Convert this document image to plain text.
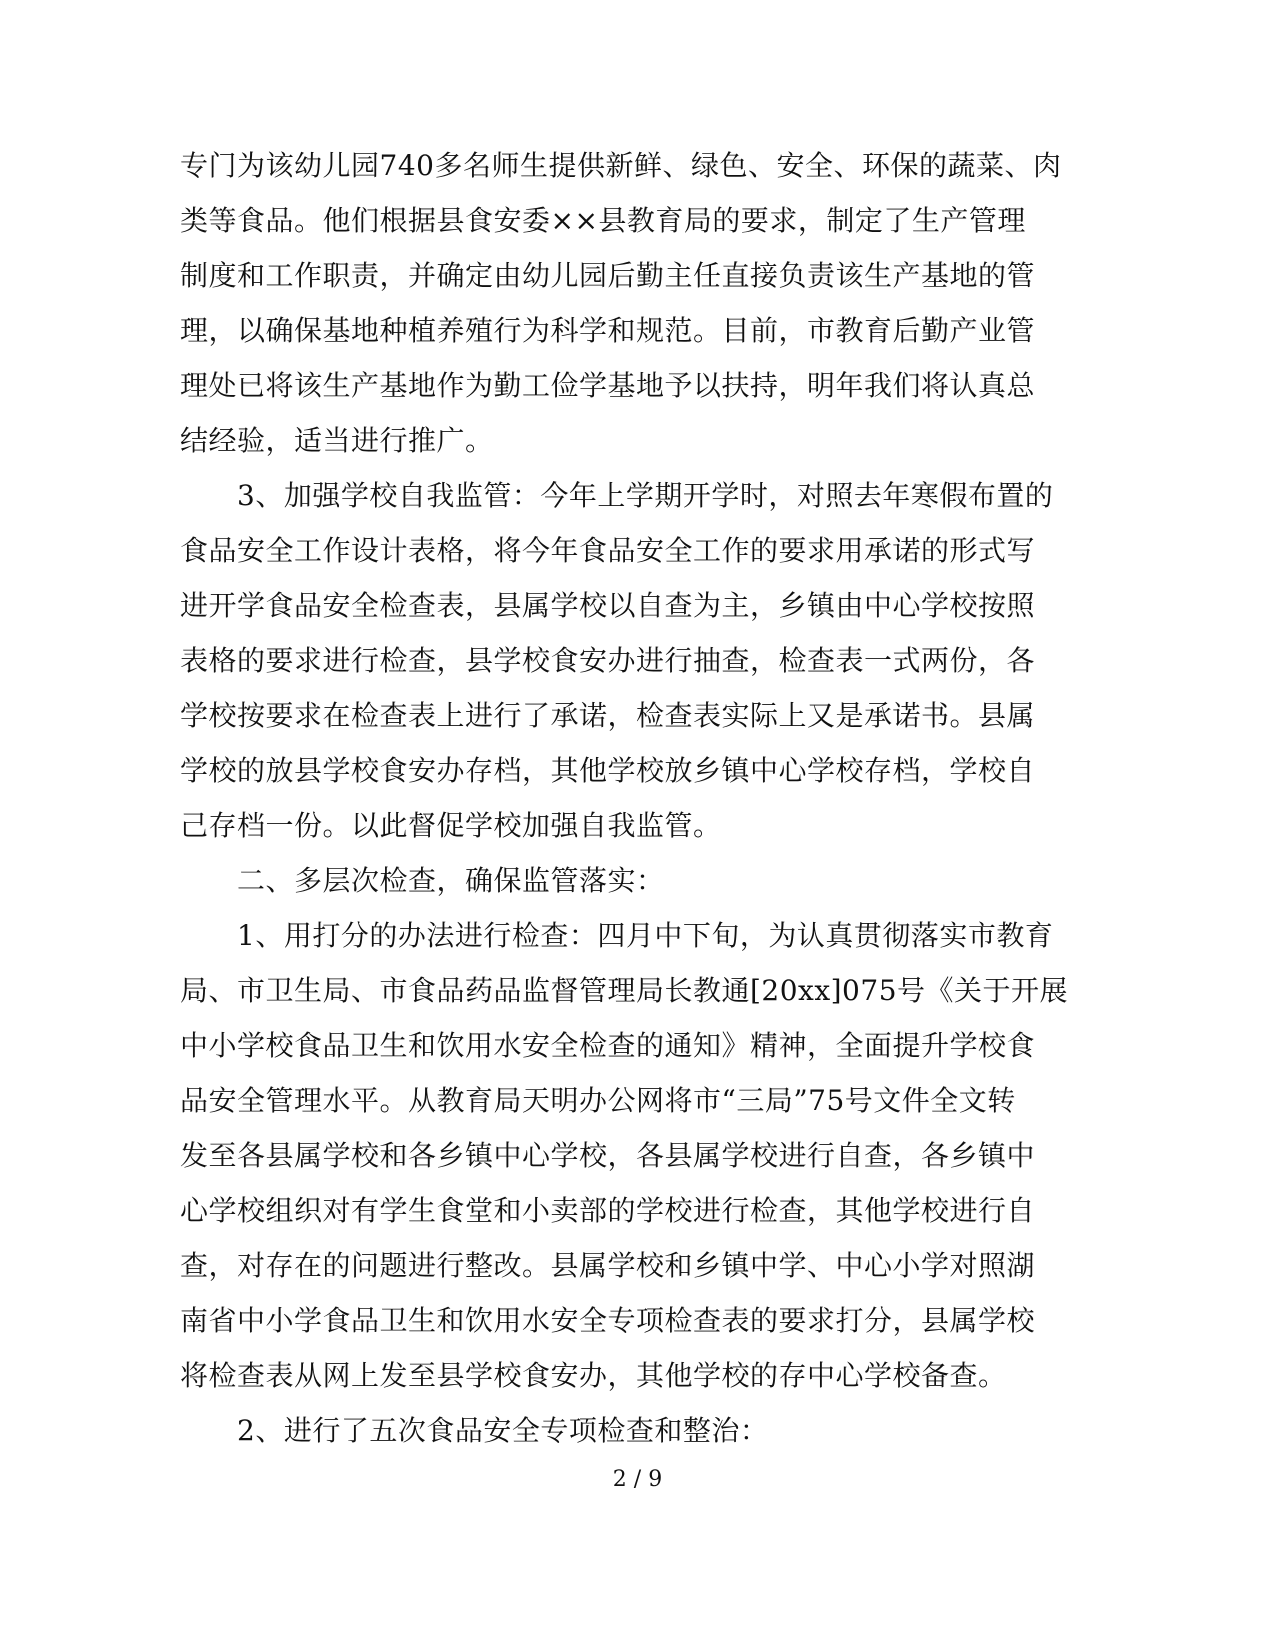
专门为该幼儿园740多名师生提供新鲜、绿色、安全、环保的蔬菜、肉
类等食品。他们根据县食安委××县教育局的要求，制定了生产管理
制度和工作职责，并确定由幼儿园后勤主任直接负责该生产基地的管
理，以确保基地种植养殖行为科学和规范。目前，市教育后勤产业管
理处已将该生产基地作为勤工俭学基地予以扶持，明年我们将认真总
结经验，适当进行推广。
3、加强学校自我监管：今年上学期开学时，对照去年寒假布置的
食品安全工作设计表格，将今年食品安全工作的要求用承诺的形式写
进开学食品安全检查表，县属学校以自查为主，乡镇由中心学校按照
表格的要求进行检查，县学校食安办进行抽查，检查表一式两份，各
学校按要求在检查表上进行了承诺，检查表实际上又是承诺书。县属
学校的放县学校食安办存档，其他学校放乡镇中心学校存档，学校自
己存档一份。以此督促学校加强自我监管。
二、多层次检查，确保监管落实：
1、用打分的办法进行检查：四月中下旬，为认真贯彻落实市教育
局、市卫生局、市食品药品监督管理局长教通[20xx]075号《关于开展
中小学校食品卫生和饮用水安全检查的通知》精神，全面提升学校食
品安全管理水平。从教育局天明办公网将市“三局”75号文件全文转
发至各县属学校和各乡镇中心学校，各县属学校进行自查，各乡镇中
心学校组织对有学生食堂和小卖部的学校进行检查，其他学校进行自
查，对存在的问题进行整改。县属学校和乡镇中学、中心小学对照湖
南省中小学食品卫生和饮用水安全专项检查表的要求打分，县属学校
将检查表从网上发至县学校食安办，其他学校的存中心学校备查。
2、进行了五次食品安全专项检查和整治：
2 / 9
